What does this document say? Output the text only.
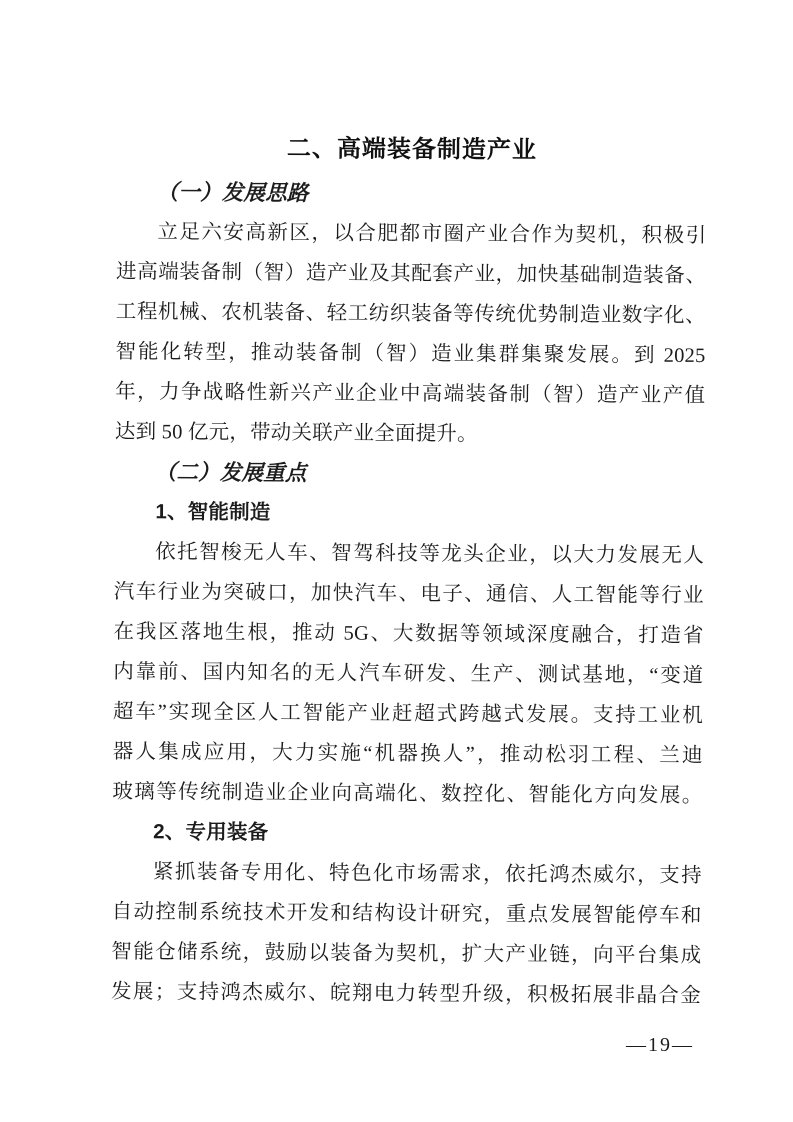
二、高端装备制造产业
（一）发展思路
立足六安高新区，以合肥都市圈产业合作为契机，积极引
进高端装备制（智）造产业及其配套产业，加快基础制造装备、
工程机械、农机装备、轻工纺织装备等传统优势制造业数字化、
智能化转型，推动装备制（智）造业集群集聚发展。到 2025
年，力争战略性新兴产业企业中高端装备制（智）造产业产值
达到 50 亿元，带动关联产业全面提升。
（二）发展重点
1、智能制造
依托智梭无人车、智驾科技等龙头企业，以大力发展无人
汽车行业为突破口，加快汽车、电子、通信、人工智能等行业
在我区落地生根，推动 5G、大数据等领域深度融合，打造省
内靠前、国内知名的无人汽车研发、生产、测试基地，“变道
超车”实现全区人工智能产业赶超式跨越式发展。支持工业机
器人集成应用，大力实施“机器换人”，推动松羽工程、兰迪
玻璃等传统制造业企业向高端化、数控化、智能化方向发展。
2、专用装备
紧抓装备专用化、特色化市场需求，依托鸿杰威尔，支持
自动控制系统技术开发和结构设计研究，重点发展智能停车和
智能仓储系统，鼓励以装备为契机，扩大产业链，向平台集成
发展；支持鸿杰威尔、皖翔电力转型升级，积极拓展非晶合金
—19—
